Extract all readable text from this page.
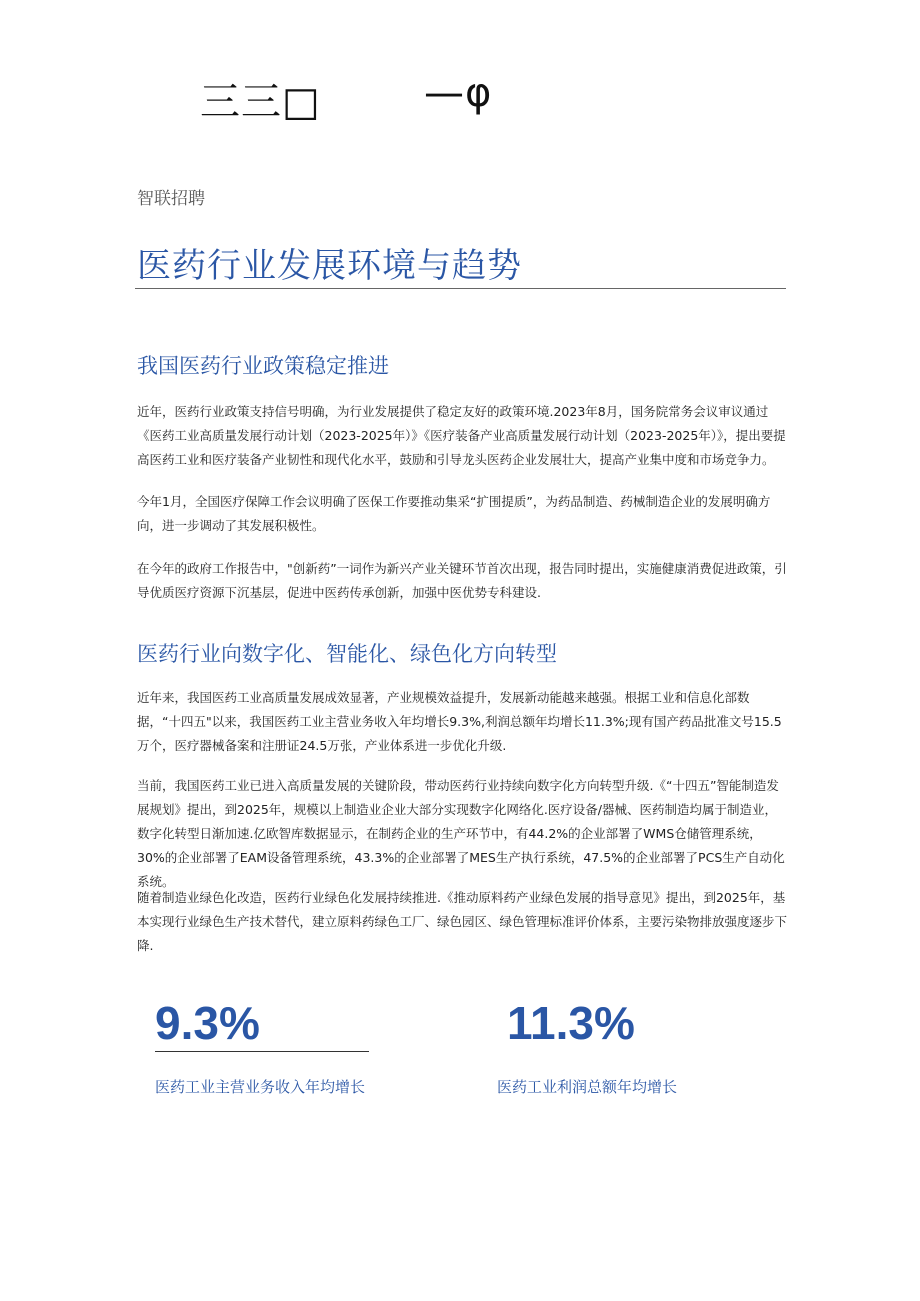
三三□	—φ
智联招聘
医药行业发展环境与趋势
我国医药行业政策稳定推进
近年，医药行业政策支持信号明确，为行业发展提供了稳定友好的政策环境.2023年8月，国务院常务会议审议通过《医药工业高质量发展行动计划（2023-2025年）》《医疗装备产业高质量发展行动计划（2023-2025年）》，提出要提高医药工业和医疗装备产业韧性和现代化水平，鼓励和引导龙头医药企业发展壮大，提高产业集中度和市场竞争力。
今年1月，全国医疗保障工作会议明确了医保工作要推动集采“扩围提质”，为药品制造、药械制造企业的发展明确方向，进一步调动了其发展积极性。
在今年的政府工作报告中，"创新药”一词作为新兴产业关键环节首次出现，报告同时提出，实施健康消费促进政策，引导优质医疗资源下沉基层，促进中医药传承创新，加强中医优势专科建设.
医药行业向数字化、智能化、绿色化方向转型
近年来，我国医药工业高质量发展成效显著，产业规模效益提升，发展新动能越来越强。根据工业和信息化部数据，“十四五"以来，我国医药工业主营业务收入年均增长9.3%,利润总额年均增长11.3%;现有国产药品批准文号15.5万个，医疗器械备案和注册证24.5万张，产业体系进一步优化升级.
当前，我国医药工业已进入高质量发展的关键阶段，带动医药行业持续向数字化方向转型升级.《“十四五”智能制造发展规划》提出，到2025年，规模以上制造业企业大部分实现数字化网络化.医疗设备/器械、医药制造均属于制造业，数字化转型日渐加速.亿欧智库数据显示，在制药企业的生产环节中，有44.2%的企业部署了WMS仓储管理系统，30%的企业部署了EAM设备管理系统，43.3%的企业部署了MES生产执行系统，47.5%的企业部署了PCS生产自动化系统。
随着制造业绿色化改造，医药行业绿色化发展持续推进.《推动原料药产业绿色发展的指导意见》提出，到2025年，基本实现行业绿色生产技术替代，建立原料药绿色工厂、绿色园区、绿色管理标准评价体系，主要污染物排放强度逐步下降.
9.3%
医药工业主营业务收入年均增长
11.3%
医药工业利润总额年均增长
